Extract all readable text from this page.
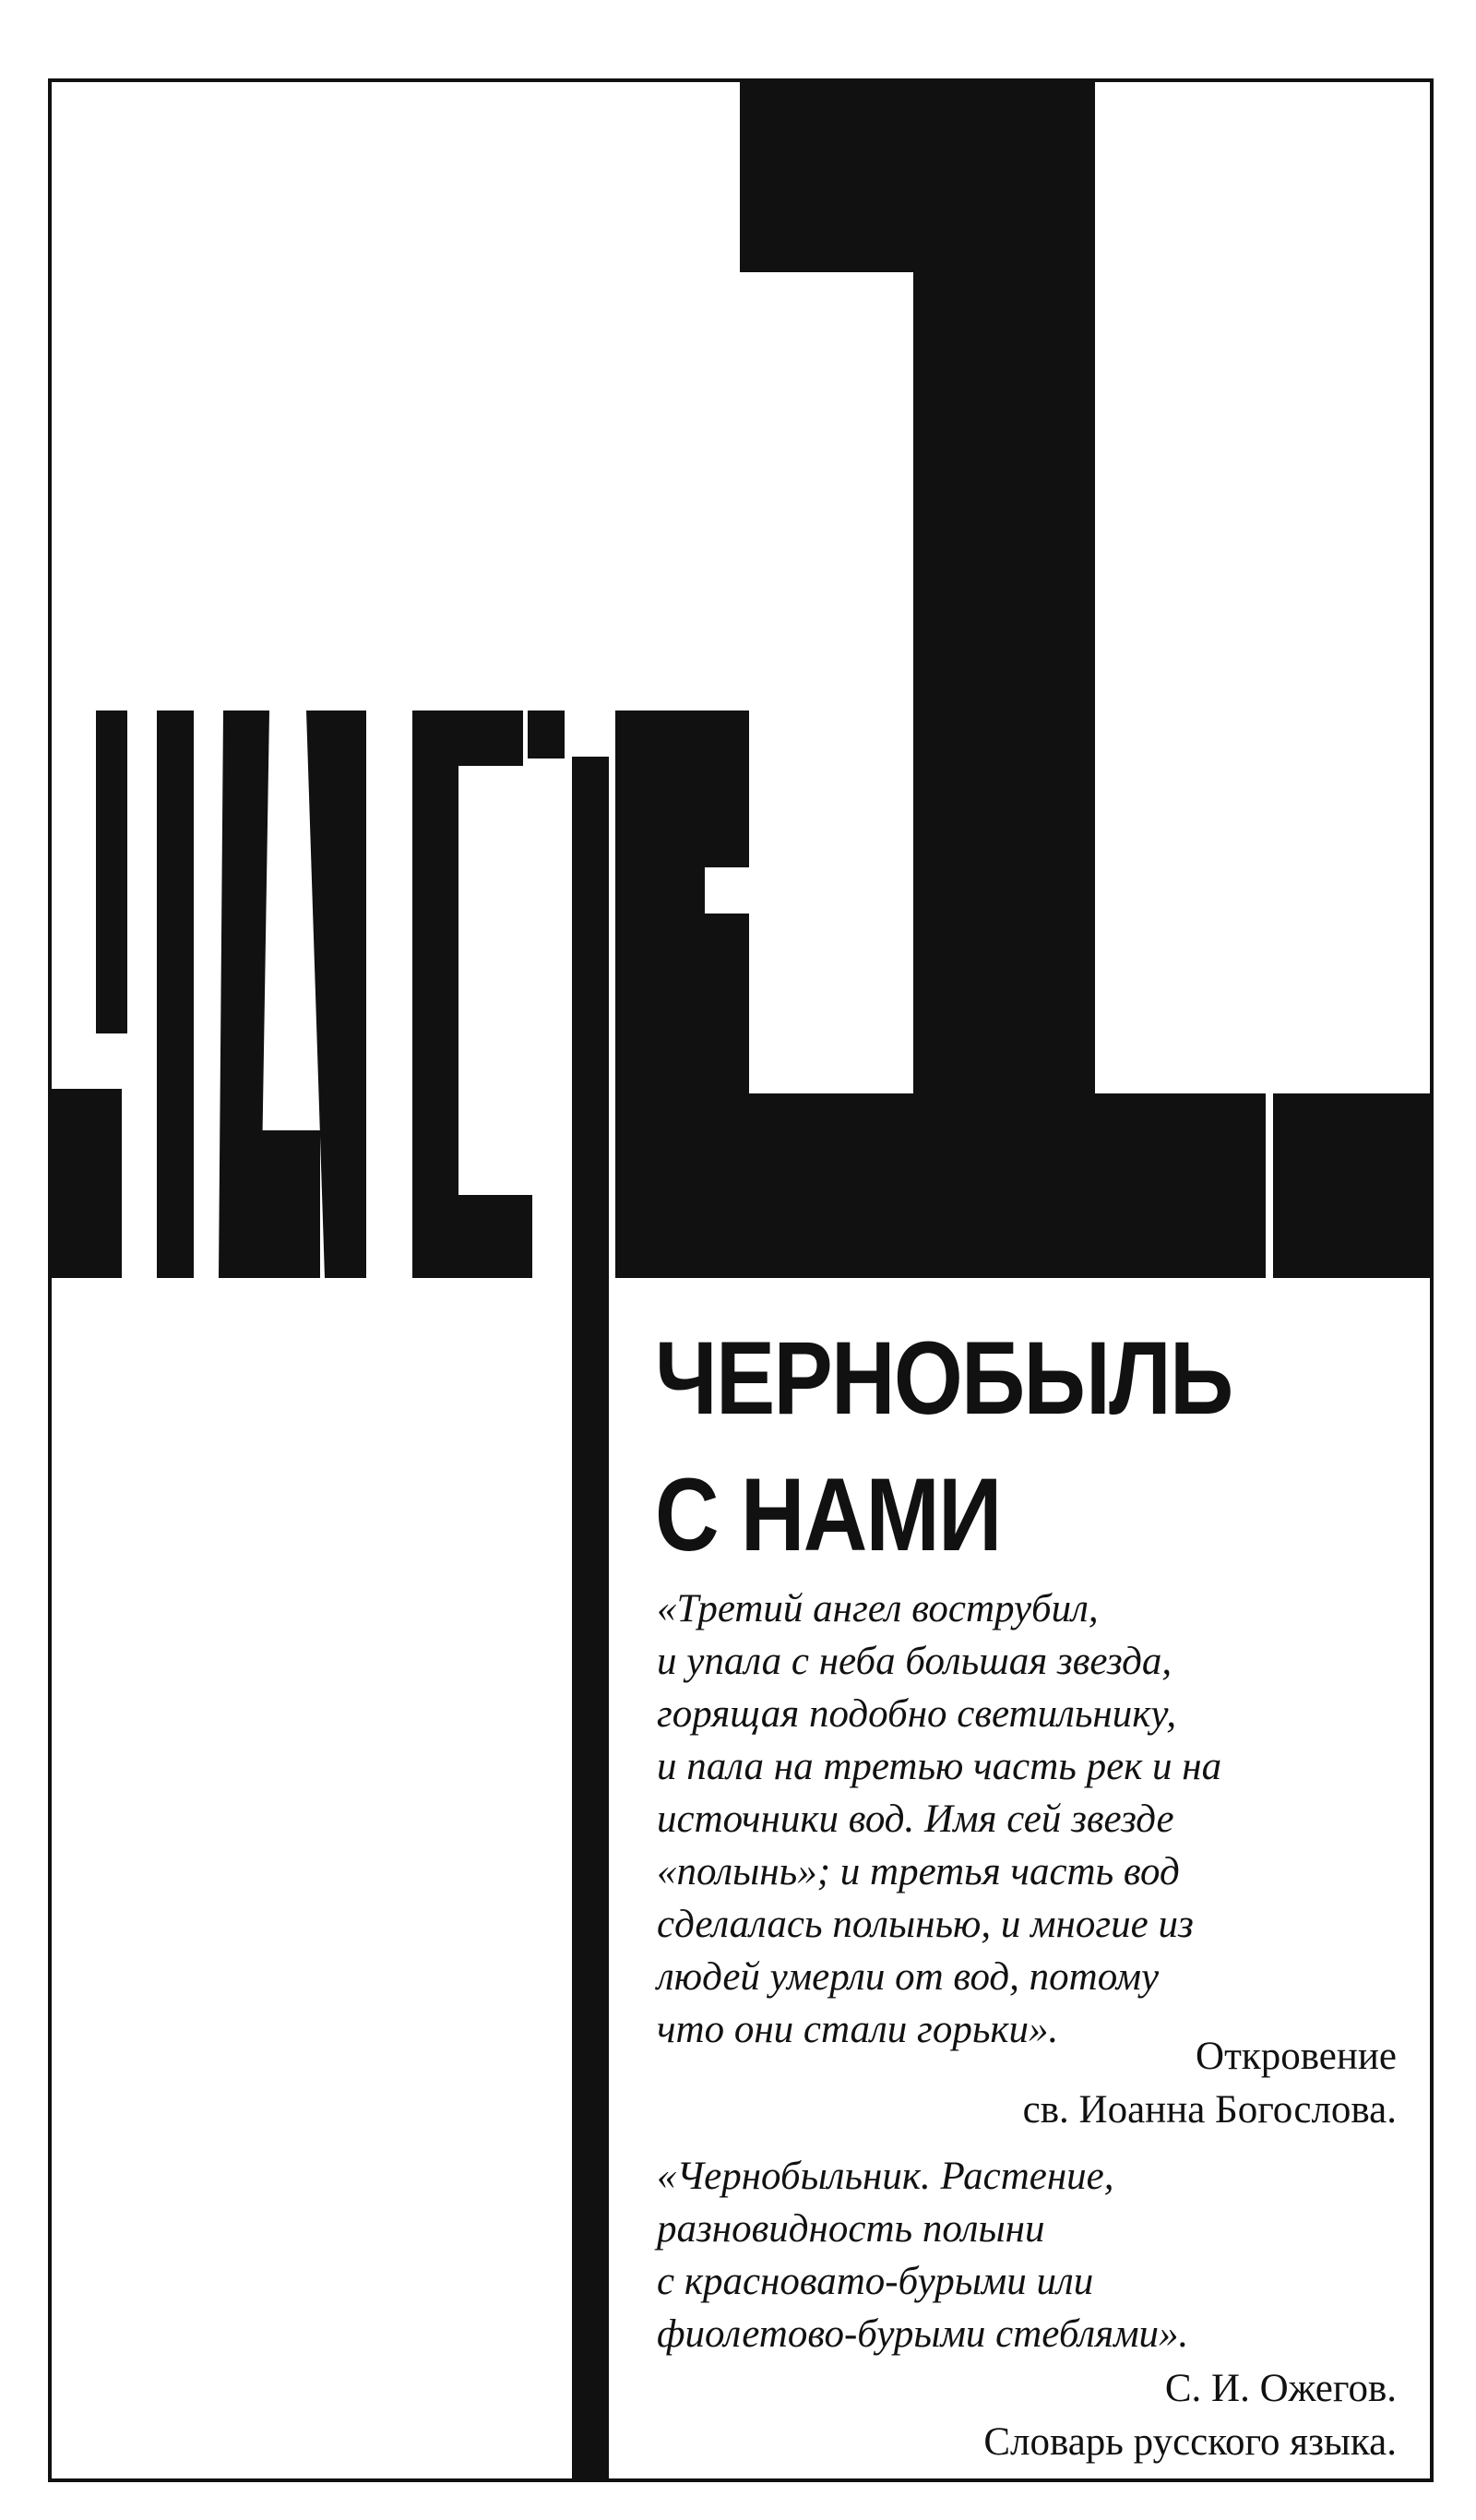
ЧЕРНОБЫЛЬ
С НАМИ
«Третий ангел вострубил,
и упала с неба большая звезда,
горящая подобно светильнику,
и пала на третью часть рек и на
источники вод. Имя сей звезде
«полынь»; и третья часть вод
сделалась полынью, и многие из
людей умерли от вод, потому
что они стали горьки».
Откровение
св. Иоанна Богослова.
«Чернобыльник. Растение,
разновидность полыни
с красновато-бурыми или
фиолетово-бурыми стеблями».
С. И. Ожегов.
Словарь русского языка.
